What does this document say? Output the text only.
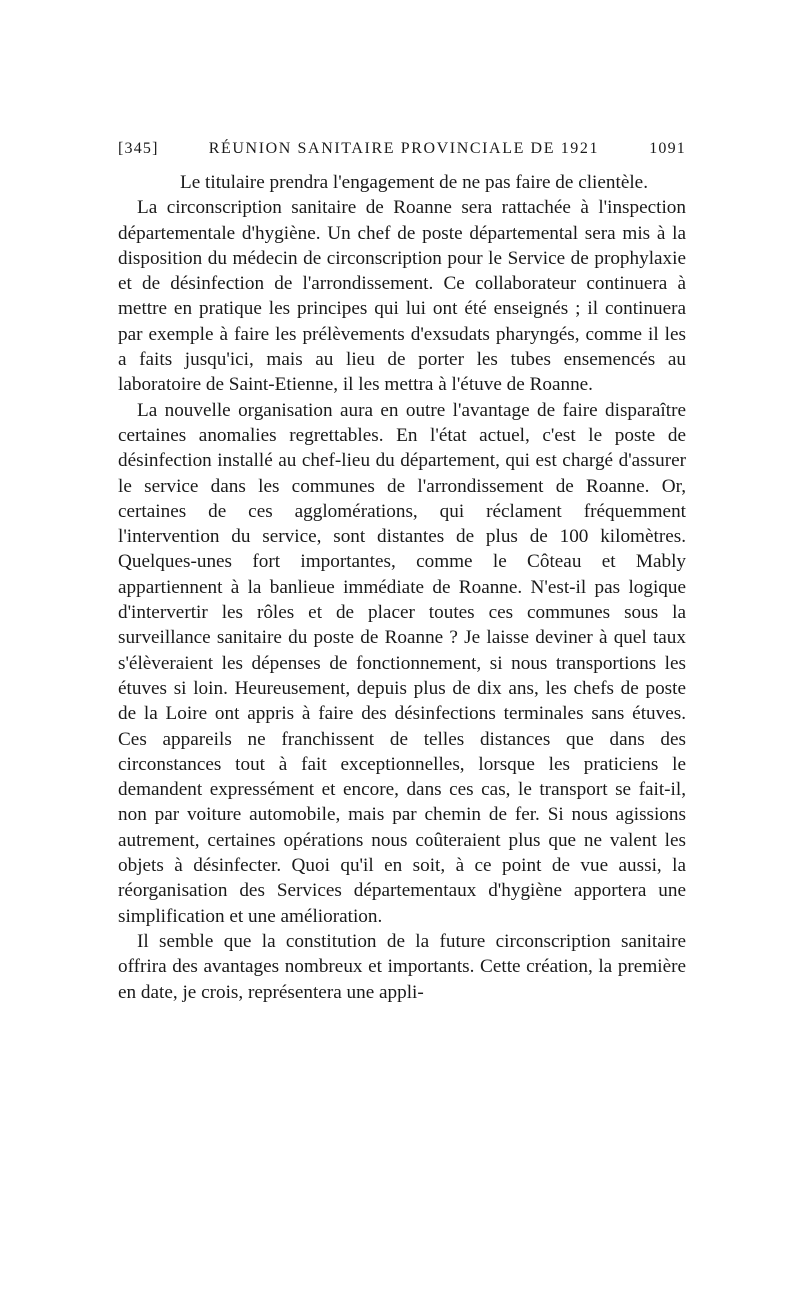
[345]	RÉUNION SANITAIRE PROVINCIALE DE 1921	1091

Le titulaire prendra l'engagement de ne pas faire de clientèle.

La circonscription sanitaire de Roanne sera rattachée à l'inspection départementale d'hygiène. Un chef de poste départemental sera mis à la disposition du médecin de circonscription pour le Service de prophylaxie et de désinfection de l'arrondissement. Ce collaborateur continuera à mettre en pratique les principes qui lui ont été enseignés ; il continuera par exemple à faire les prélèvements d'exsudats pharyngés, comme il les a faits jusqu'ici, mais au lieu de porter les tubes ensemencés au laboratoire de Saint-Etienne, il les mettra à l'étuve de Roanne.

La nouvelle organisation aura en outre l'avantage de faire disparaître certaines anomalies regrettables. En l'état actuel, c'est le poste de désinfection installé au chef-lieu du département, qui est chargé d'assurer le service dans les communes de l'arrondissement de Roanne. Or, certaines de ces agglomérations, qui réclament fréquemment l'intervention du service, sont distantes de plus de 100 kilomètres. Quelques-unes fort importantes, comme le Côteau et Mably appartiennent à la banlieue immédiate de Roanne. N'est-il pas logique d'intervertir les rôles et de placer toutes ces communes sous la surveillance sanitaire du poste de Roanne ? Je laisse deviner à quel taux s'élèveraient les dépenses de fonctionnement, si nous transportions les étuves si loin. Heureusement, depuis plus de dix ans, les chefs de poste de la Loire ont appris à faire des désinfections terminales sans étuves. Ces appareils ne franchissent de telles distances que dans des circonstances tout à fait exceptionnelles, lorsque les praticiens le demandent expressément et encore, dans ces cas, le transport se fait-il, non par voiture automobile, mais par chemin de fer. Si nous agissions autrement, certaines opérations nous coûteraient plus que ne valent les objets à désinfecter. Quoi qu'il en soit, à ce point de vue aussi, la réorganisation des Services départementaux d'hygiène apportera une simplification et une amélioration.

Il semble que la constitution de la future circonscription sanitaire offrira des avantages nombreux et importants. Cette création, la première en date, je crois, représentera une appli-
